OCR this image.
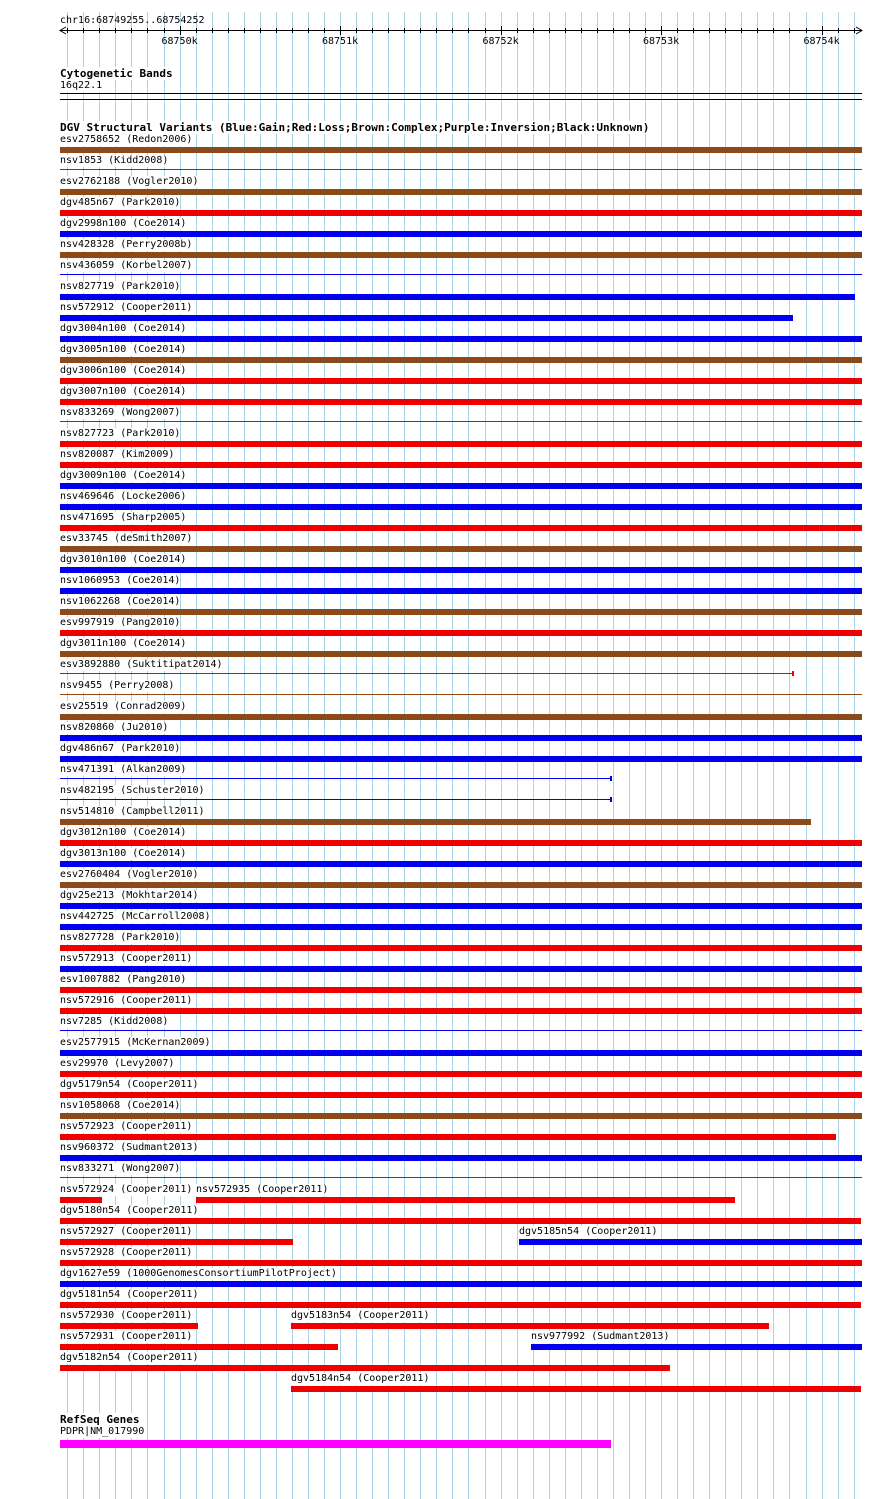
chr16:68749255..68754252
68750k	68751k	68752k	68753k	68754k
Cytogenetic Bands
16q22.1
DGV Structural Variants (Blue:Gain;Red:Loss;Brown:Complex;Purple:Inversion;Black:Unknown)
esv2758652 (Redon2006)
nsv1853 (Kidd2008)
esv2762188 (Vogler2010)
dgv485n67 (Park2010)
dgv2998n100 (Coe2014)
nsv428328 (Perry2008b)
nsv436059 (Korbel2007)
nsv827719 (Park2010)
nsv572912 (Cooper2011)
dgv3004n100 (Coe2014)
dgv3005n100 (Coe2014)
dgv3006n100 (Coe2014)
dgv3007n100 (Coe2014)
nsv833269 (Wong2007)
nsv827723 (Park2010)
nsv820087 (Kim2009)
dgv3009n100 (Coe2014)
nsv469646 (Locke2006)
nsv471695 (Sharp2005)
esv33745 (deSmith2007)
dgv3010n100 (Coe2014)
nsv1060953 (Coe2014)
nsv1062268 (Coe2014)
esv997919 (Pang2010)
dgv3011n100 (Coe2014)
esv3892880 (Suktitipat2014)
nsv9455 (Perry2008)
esv25519 (Conrad2009)
nsv820860 (Ju2010)
dgv486n67 (Park2010)
nsv471391 (Alkan2009)
nsv482195 (Schuster2010)
nsv514810 (Campbell2011)
dgv3012n100 (Coe2014)
dgv3013n100 (Coe2014)
esv2760404 (Vogler2010)
dgv25e213 (Mokhtar2014)
nsv442725 (McCarroll2008)
nsv827728 (Park2010)
nsv572913 (Cooper2011)
esv1007882 (Pang2010)
nsv572916 (Cooper2011)
nsv7285 (Kidd2008)
esv2577915 (McKernan2009)
esv29970 (Levy2007)
dgv5179n54 (Cooper2011)
nsv1058068 (Coe2014)
nsv572923 (Cooper2011)
nsv960372 (Sudmant2013)
nsv833271 (Wong2007)
nsv572924 (Cooper2011) nsv572935 (Cooper2011)
dgv5180n54 (Cooper2011)
nsv572927 (Cooper2011)	dgv5185n54 (Cooper2011)
nsv572928 (Cooper2011)
dgv1627e59 (1000GenomesConsortiumPilotProject)
dgv5181n54 (Cooper2011)
nsv572930 (Cooper2011)	dgv5183n54 (Cooper2011)
nsv572931 (Cooper2011)	nsv977992 (Sudmant2013)
dgv5182n54 (Cooper2011)
dgv5184n54 (Cooper2011)
RefSeq Genes
PDPR|NM_017990
